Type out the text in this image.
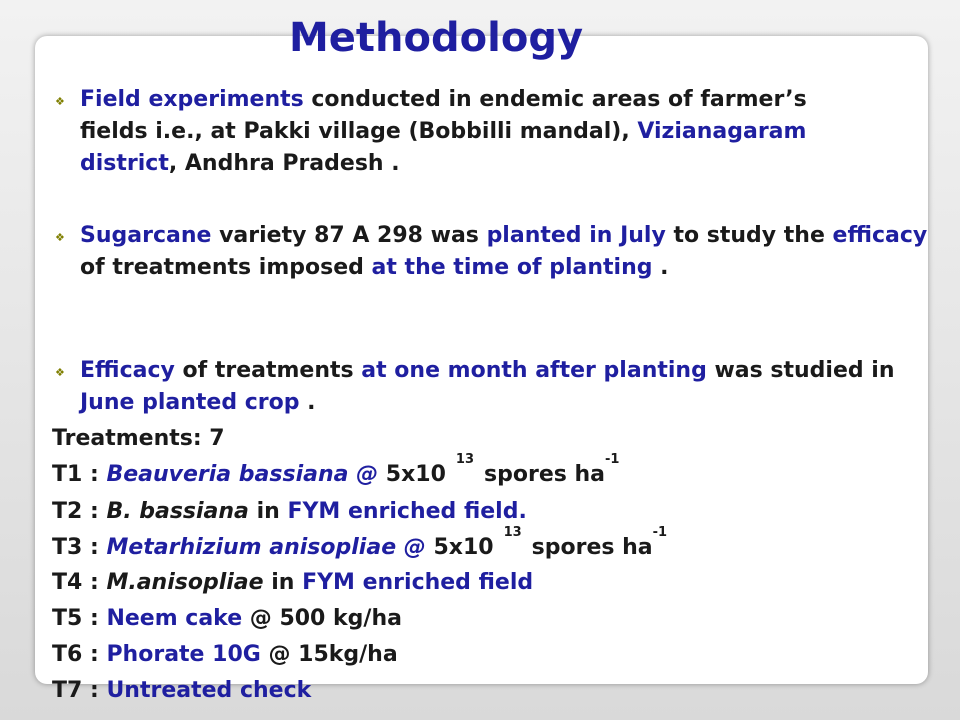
Methodology
❖ Field experiments conducted in endemic areas of farmer’s fields i.e., at Pakki village (Bobbilli mandal), Vizianagaram district, Andhra Pradesh .
❖ Sugarcane variety 87 A 298 was planted in July to study the efficacy of treatments imposed at the time of planting .
❖ Efficacy of treatments at one month after planting was studied in June planted crop .
Treatments: 7
T1 : Beauveria bassiana @ $5x10^{13}spores$ $ha^{-1}$
T2 : B. bassiana in FYM enriched field.
T3 : Metarhizium anisopliae @ $5x10^{13}spores$ $ha^{-1}$
T4 : M.anisopliae in FYM enriched field
T5 : Neem cake @ 500 kg/ha
T6 : Phorate 10G @ 15kg/ha
T7 : Untreated check
